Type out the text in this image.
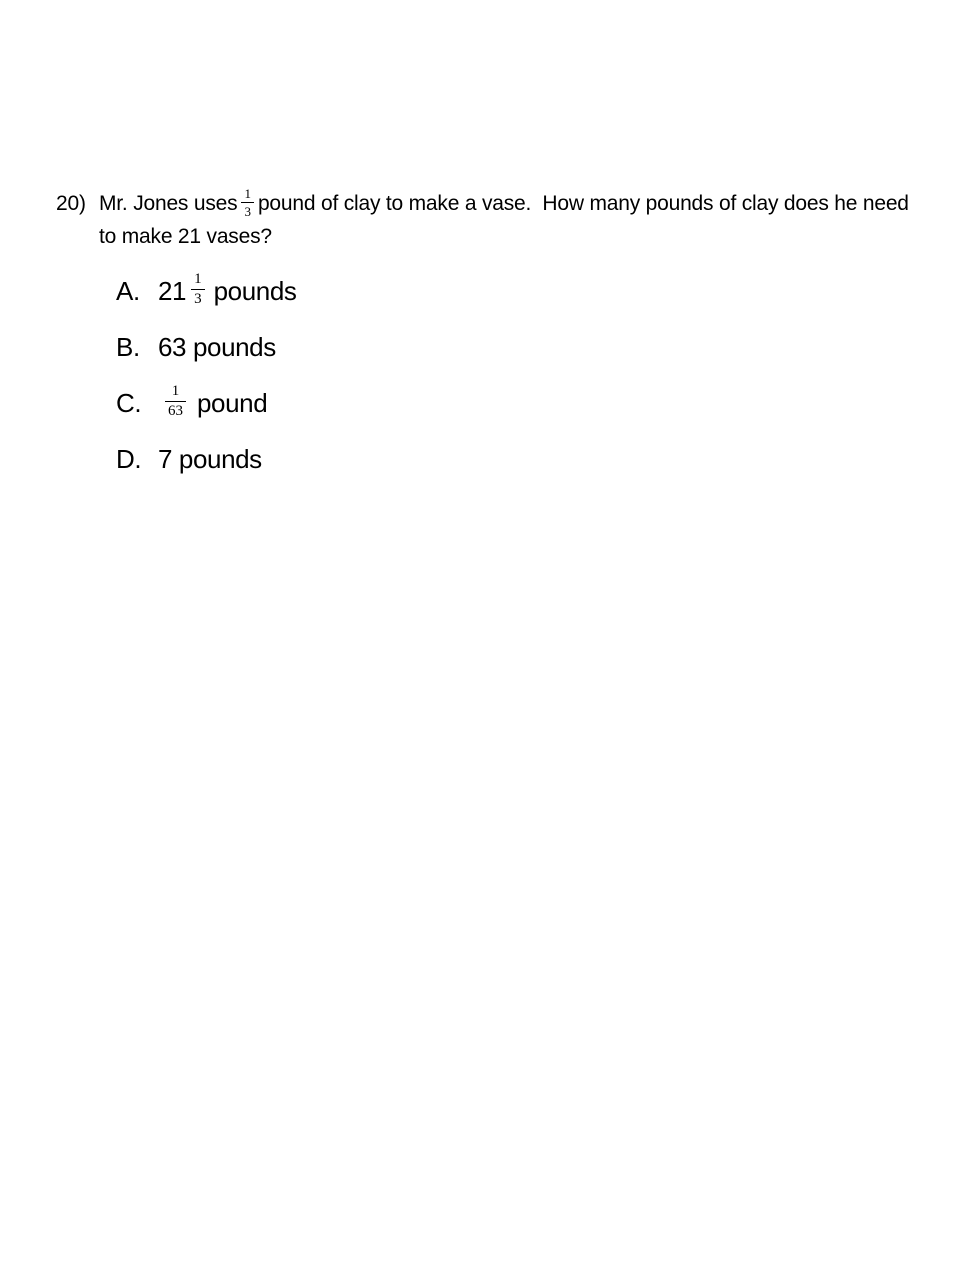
20) Mr. Jones uses $\frac{1}{3}$ pound of clay to make a vase.  How many pounds of clay does he need
to make 21 vases?
A. $21 \frac{1}{3}$ pounds
B. 63 pounds
C.	$\frac{1}{63}$ pound
D. 7 pounds
